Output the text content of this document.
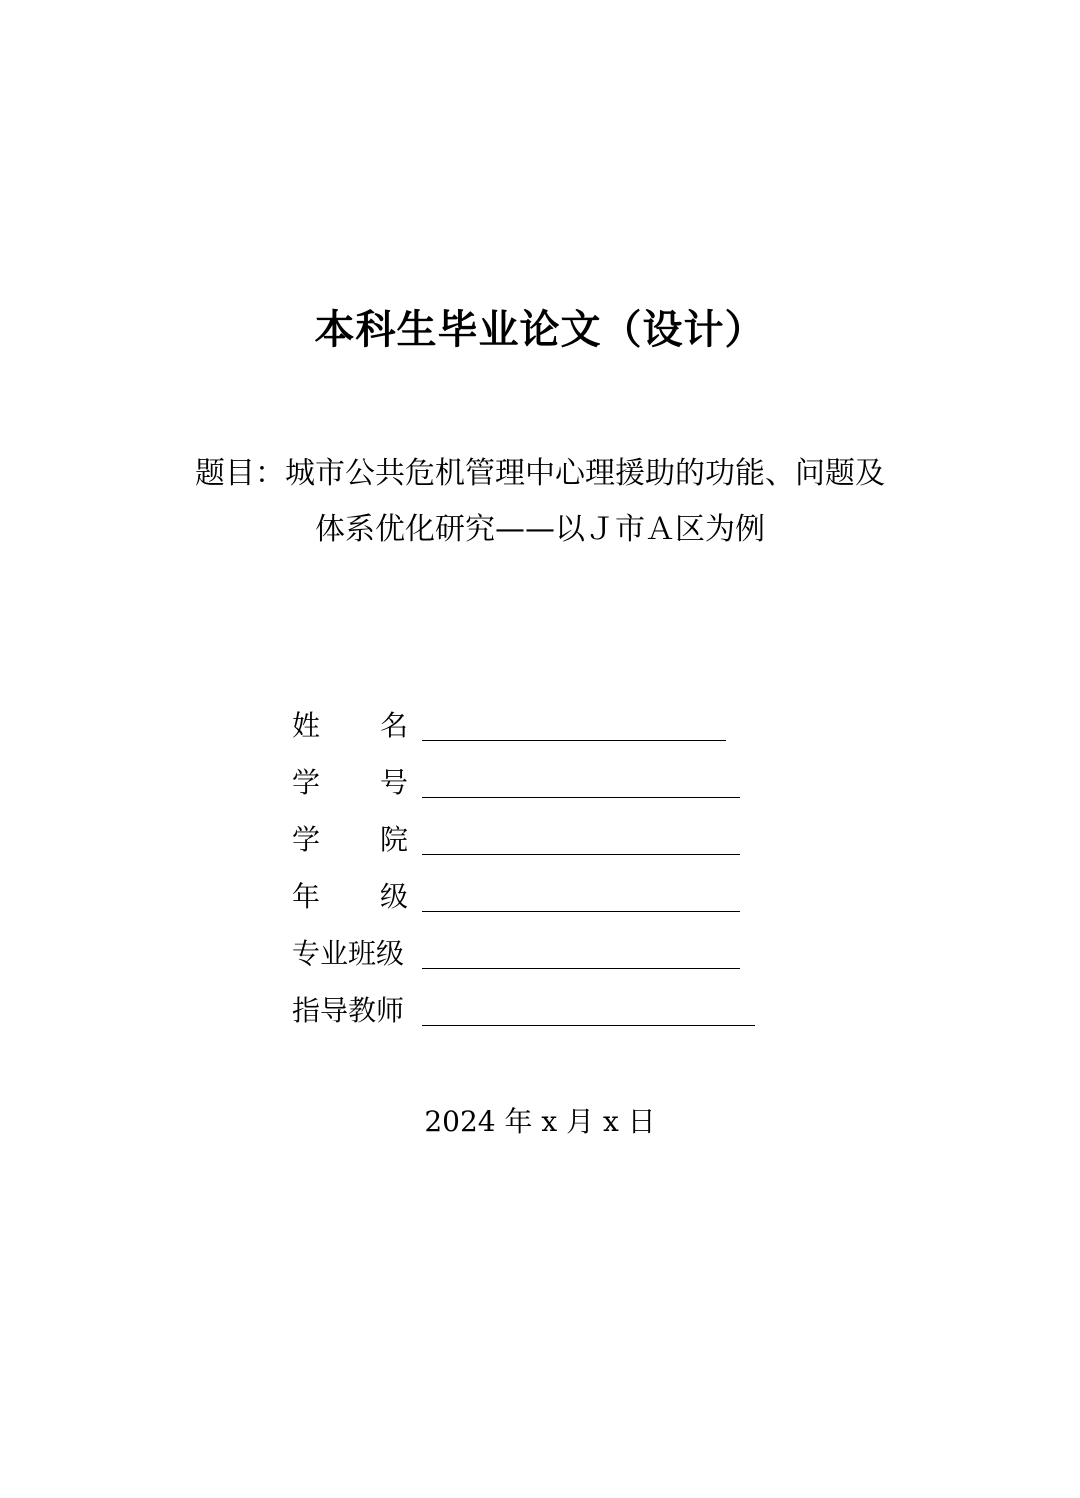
本科生毕业论文（设计）
题目：城市公共危机管理中心理援助的功能、问题及
体系优化研究——以Ｊ市Ａ区为例
姓 名
学 号
学 院
年 级
专业班级
指导教师
2024 年 x 月 x 日
